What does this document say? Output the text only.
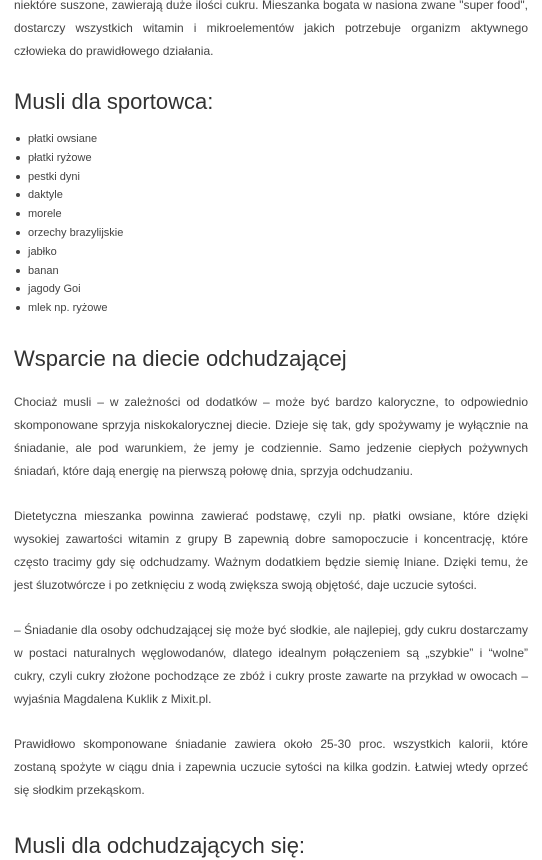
niektóre suszone, zawierają duże ilości cukru. Mieszanka bogata w nasiona zwane "super food", dostarczy wszystkich witamin i mikroelementów jakich potrzebuje organizm aktywnego człowieka do prawidłowego działania.

Musli dla sportowca:
płatki owsiane
płatki ryżowe
pestki dyni
daktyle
morele
orzechy brazylijskie
jabłko
banan
jagody Goi
mlek np. ryżowe
Wsparcie na diecie odchudzającej

Chociaż musli – w zależności od dodatków – może być bardzo kaloryczne, to odpowiednio skomponowane sprzyja niskokalorycznej diecie. Dzieje się tak, gdy spożywamy je wyłącznie na śniadanie, ale pod warunkiem, że jemy je codziennie. Samo jedzenie ciepłych pożywnych śniadań, które dają energię na pierwszą połowę dnia, sprzyja odchudzaniu.

Dietetyczna mieszanka powinna zawierać podstawę, czyli np. płatki owsiane, które dzięki wysokiej zawartości witamin z grupy B zapewnią dobre samopoczucie i koncentrację, które często tracimy gdy się odchudzamy. Ważnym dodatkiem będzie siemię lniane. Dzięki temu, że jest śluzotwórcze i po zetknięciu z wodą zwiększa swoją objętość, daje uczucie sytości.

– Śniadanie dla osoby odchudzającej się może być słodkie, ale najlepiej, gdy cukru dostarczamy w postaci naturalnych węglowodanów, dlatego idealnym połączeniem są „szybkie” i “wolne” cukry, czyli cukry złożone pochodzące ze zbóż i cukry proste zawarte na przykład w owocach – wyjaśnia Magdalena Kuklik z Mixit.pl.

Prawidłowo skomponowane śniadanie zawiera około 25-30 proc. wszystkich kalorii, które zostaną spożyte w ciągu dnia i zapewnia uczucie sytości na kilka godzin. Łatwiej wtedy oprzeć się słodkim przekąskom.

Musli dla odchudzających się:
